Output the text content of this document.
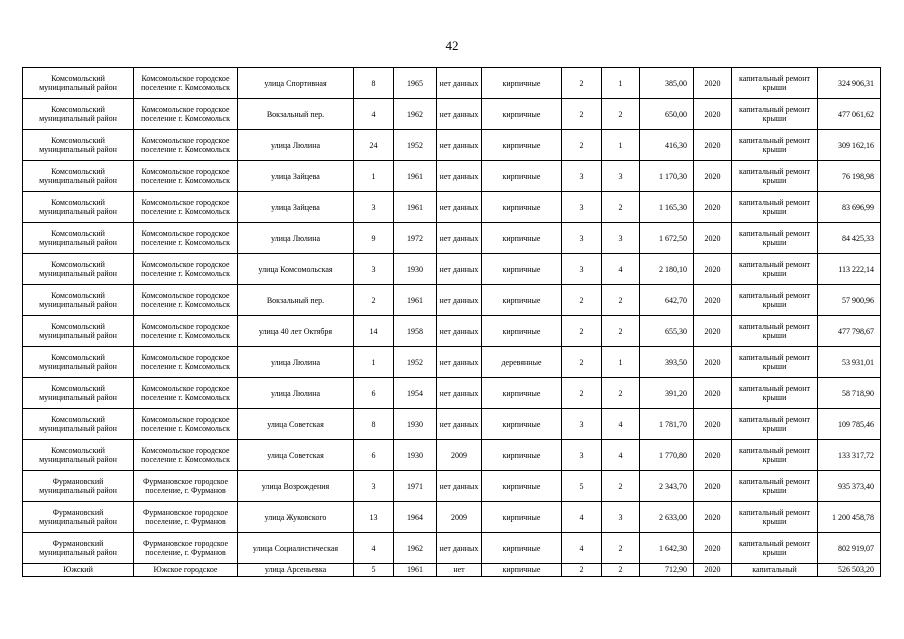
42
Комсомольский муниципальный район	Комсомольское городское поселение г. Комсомольск	улица Спортивная	8	1965	нет данных	кирпичные	2	1	385,00	2020	капитальный ремонт крыши	324 906,31
Комсомольский муниципальный район	Комсомольское городское поселение г. Комсомольск	Вокзальный пер.	4	1962	нет данных	кирпичные	2	2	650,00	2020	капитальный ремонт крыши	477 061,62
Комсомольский муниципальный район	Комсомольское городское поселение г. Комсомольск	улица Люлина	24	1952	нет данных	кирпичные	2	1	416,30	2020	капитальный ремонт крыши	309 162,16
Комсомольский муниципальный район	Комсомольское городское поселение г. Комсомольск	улица Зайцева	1	1961	нет данных	кирпичные	3	3	1 170,30	2020	капитальный ремонт крыши	76 198,98
Комсомольский муниципальный район	Комсомольское городское поселение г. Комсомольск	улица Зайцева	3	1961	нет данных	кирпичные	3	2	1 165,30	2020	капитальный ремонт крыши	83 696,99
Комсомольский муниципальный район	Комсомольское городское поселение г. Комсомольск	улица Люлина	9	1972	нет данных	кирпичные	3	3	1 672,50	2020	капитальный ремонт крыши	84 425,33
Комсомольский муниципальный район	Комсомольское городское поселение г. Комсомольск	улица Комсомольская	3	1930	нет данных	кирпичные	3	4	2 180,10	2020	капитальный ремонт крыши	113 222,14
Комсомольский муниципальный район	Комсомольское городское поселение г. Комсомольск	Вокзальный пер.	2	1961	нет данных	кирпичные	2	2	642,70	2020	капитальный ремонт крыши	57 900,96
Комсомольский муниципальный район	Комсомольское городское поселение г. Комсомольск	улица 40 лет Октября	14	1958	нет данных	кирпичные	2	2	655,30	2020	капитальный ремонт крыши	477 798,67
Комсомольский муниципальный район	Комсомольское городское поселение г. Комсомольск	улица Люлина	1	1952	нет данных	деревянные	2	1	393,50	2020	капитальный ремонт крыши	53 931,01
Комсомольский муниципальный район	Комсомольское городское поселение г. Комсомольск	улица Люлина	6	1954	нет данных	кирпичные	2	2	391,20	2020	капитальный ремонт крыши	58 718,90
Комсомольский муниципальный район	Комсомольское городское поселение г. Комсомольск	улица Советская	8	1930	нет данных	кирпичные	3	4	1 781,70	2020	капитальный ремонт крыши	109 785,46
Комсомольский муниципальный район	Комсомольское городское поселение г. Комсомольск	улица Советская	6	1930	2009	кирпичные	3	4	1 770,80	2020	капитальный ремонт крыши	133 317,72
Фурмановский муниципальный район	Фурмановское городское поселение, г. Фурманов	улица Возрождения	3	1971	нет данных	кирпичные	5	2	2 343,70	2020	капитальный ремонт крыши	935 373,40
Фурмановский муниципальный район	Фурмановское городское поселение, г. Фурманов	улица Жуковского	13	1964	2009	кирпичные	4	3	2 633,00	2020	капитальный ремонт крыши	1 200 458,78
Фурмановский муниципальный район	Фурмановское городское поселение, г. Фурманов	улица Социалистическая	4	1962	нет данных	кирпичные	4	2	1 642,30	2020	капитальный ремонт крыши	802 919,07

Южский	Южское городское	улица Арсеньевка	5	1961	нет	кирпичные	2	2	712,90	2020	капитальный	526 503,20
